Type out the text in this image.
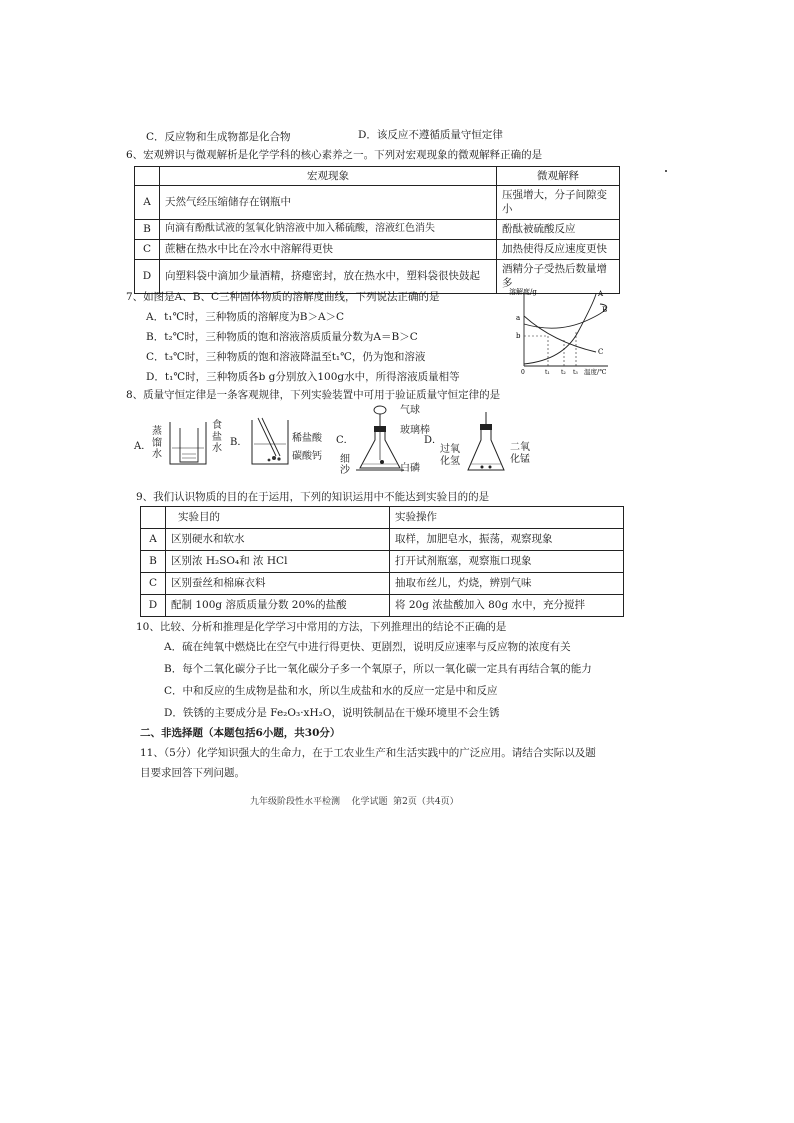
C．反应物和生成物都是化合物	D．该反应不遵循质量守恒定律
6、宏观辨识与微观解析是化学学科的核心素养之一。下列对宏观现象的微观解释正确的是
	宏观现象	微观解释
A	天然气经压缩储存在钢瓶中	压强增大，分子间隙变小
B	向滴有酚酞试液的氢氧化钠溶液中加入稀硫酸，溶液红色消失	酚酞被硫酸反应
C	蔗糖在热水中比在冷水中溶解得更快	加热使得反应速度更快
D	向塑料袋中滴加少量酒精，挤瘪密封，放在热水中，塑料袋很快鼓起	酒精分子受热后数量增多
7、如图是A、B、C三种固体物质的溶解度曲线，下列说法正确的是
A．t₁℃时，三种物质的溶解度为B＞A＞C
B．t₂℃时，三种物质的饱和溶液溶质质量分数为A＝B＞C
C．t₃℃时，三种物质的饱和溶液降温至t₁℃，仍为饱和溶液
D．t₁℃时，三种物质各b g分别放入100g水中，所得溶液质量相等
溶解度/g
a
b
0	t₁ t₂ t₃ 温度/℃
A
B
C
8、质量守恒定律是一条客观规律，下列实验装置中可用于验证质量守恒定律的是
A．
蒸馏水
食盐水
B．	稀盐酸
碳酸钙
C．
气球
玻璃棒
细沙	白磷
D．
过氧化氢
二氧化锰
9、我们认识物质的目的在于运用，下列的知识运用中不能达到实验目的的是
	实验目的	实验操作
A	区别硬水和软水	取样，加肥皂水，振荡，观察现象
B	区别浓 H₂SO₄和 浓 HCl	打开试剂瓶塞，观察瓶口现象
C	区别蚕丝和棉麻衣料	抽取布丝儿，灼烧，辨别气味
D	配制 100g 溶质质量分数 20%的盐酸	将 20g 浓盐酸加入 80g 水中，充分搅拌
10、比较、分析和推理是化学学习中常用的方法，下列推理出的结论不正确的是
A．硫在纯氧中燃烧比在空气中进行得更快、更剧烈，说明反应速率与反应物的浓度有关
B．每个二氧化碳分子比一氧化碳分子多一个氧原子，所以一氧化碳一定具有再结合氧的能力
C．中和反应的生成物是盐和水，所以生成盐和水的反应一定是中和反应
D．铁锈的主要成分是 Fe₂O₃·xH₂O，说明铁制品在干燥环境里不会生锈
二、非选择题（本题包括6小题，共30分）
11、（5分）化学知识强大的生命力，在于工农业生产和生活实践中的广泛应用。请结合实际以及题
目要求回答下列问题。
九年级阶段性水平检测    化学试题  第2页（共4页）
